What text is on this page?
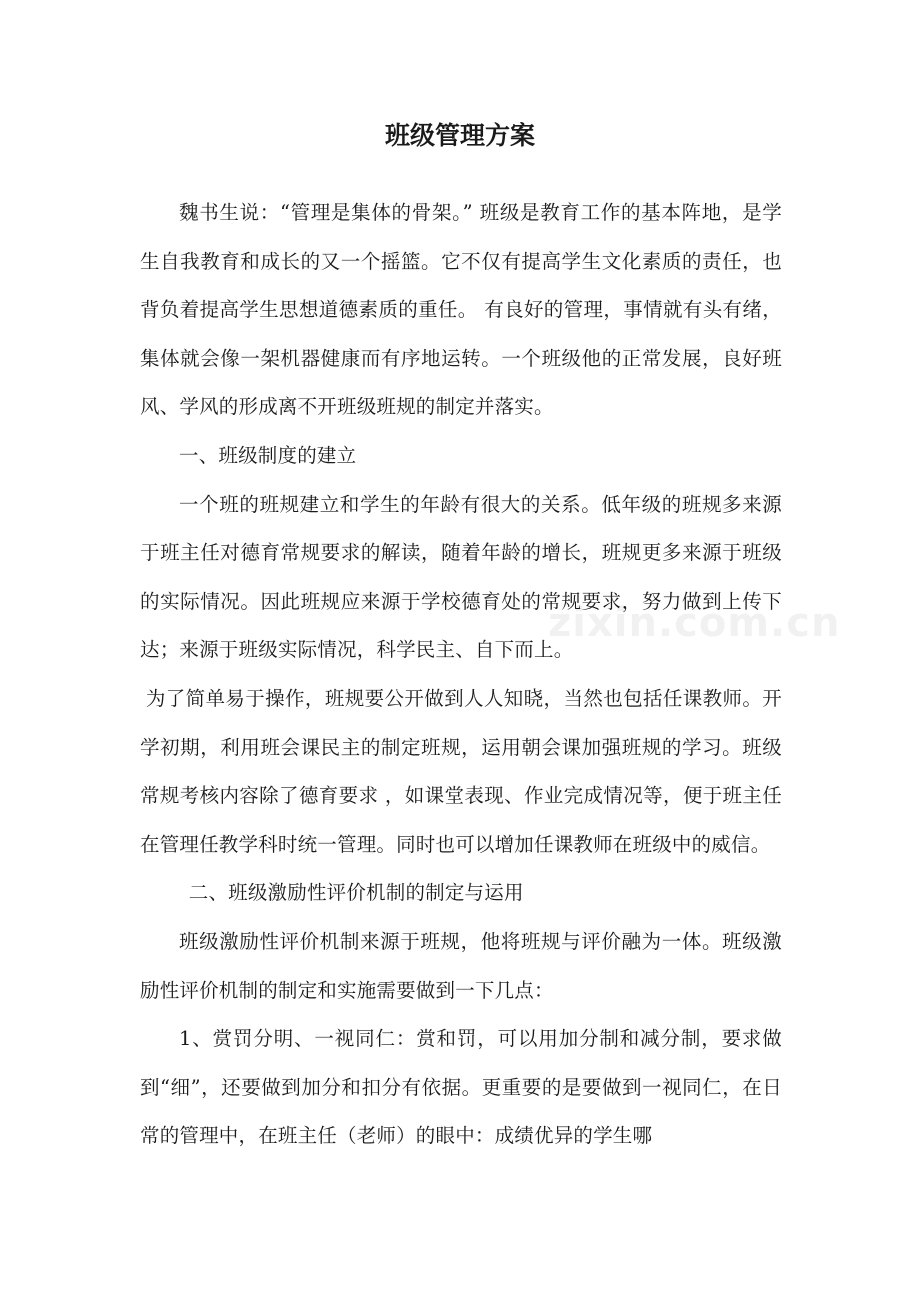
班级管理方案
zixin.com.cn

魏书生说：“管理是集体的骨架。” 班级是教育工作的基本阵地，是学生自我教育和成长的又一个摇篮。它不仅有提高学生文化素质的责任，也背负着提高学生思想道德素质的重任。 有良好的管理，事情就有头有绪，集体就会像一架机器健康而有序地运转。一个班级他的正常发展，良好班风、学风的形成离不开班级班规的制定并落实。

一、班级制度的建立

一个班的班规建立和学生的年龄有很大的关系。低年级的班规多来源于班主任对德育常规要求的解读，随着年龄的增长，班规更多来源于班级的实际情况。因此班规应来源于学校德育处的常规要求，努力做到上传下达；来源于班级实际情况，科学民主、自下而上。

为了简单易于操作，班规要公开做到人人知晓，当然也包括任课教师。开学初期，利用班会课民主的制定班规，运用朝会课加强班规的学习。班级常规考核内容除了德育要求 ，如课堂表现、作业完成情况等，便于班主任在管理任教学科时统一管理。同时也可以增加任课教师在班级中的威信。

二、班级激励性评价机制的制定与运用

班级激励性评价机制来源于班规，他将班规与评价融为一体。班级激励性评价机制的制定和实施需要做到一下几点：

1、赏罚分明、一视同仁：赏和罚，可以用加分制和减分制，要求做到“细”，还要做到加分和扣分有依据。更重要的是要做到一视同仁，在日常的管理中，在班主任（老师）的眼中：成绩优异的学生哪
